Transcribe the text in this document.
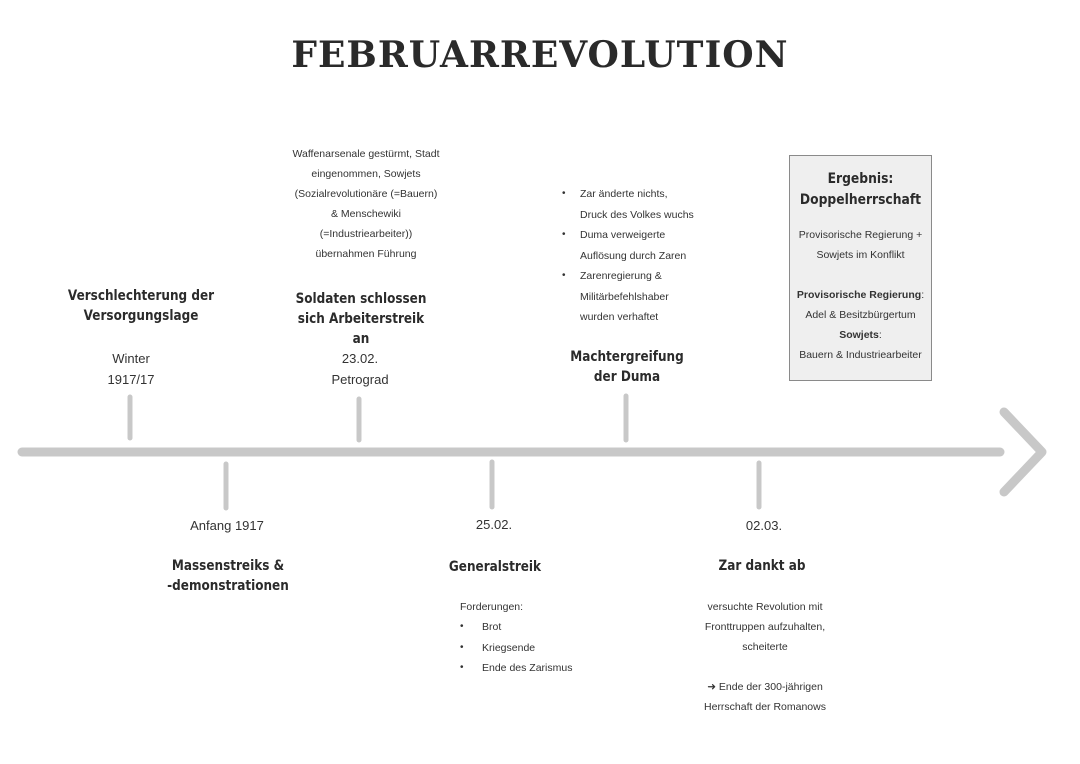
FEBRUARREVOLUTION
Verschlechterung der
Versorgungslage
Winter
1917/17
Waffenarsenale gestürmt, Stadt
eingenommen, Sowjets
(Sozialrevolutionäre (=Bauern)
& Menschewiki
(=Industriearbeiter))
übernahmen Führung
Soldaten schlossen
sich Arbeiterstreik an
23.02.
Petrograd
• Zar änderte nichts,
Druck des Volkes wuchs
• Duma verweigerte
Auflösung durch Zaren
• Zarenregierung &
Militärbefehlshaber
wurden verhaftet
Machtergreifung
der Duma
Ergebnis:
Doppelherrschaft
Provisorische Regierung +
Sowjets im Konflikt
Provisorische Regierung:
Adel & Besitzbürgertum
Sowjets:
Bauern & Industriearbeiter
Anfang 1917
Massenstreiks &
-demonstrationen
25.02.
Generalstreik
Forderungen:
• Brot
• Kriegsende
• Ende des Zarismus
02.03.
Zar dankt ab
versuchte Revolution mit
Fronttruppen aufzuhalten,
scheiterte
➜ Ende der 300-jährigen
Herrschaft der Romanows
